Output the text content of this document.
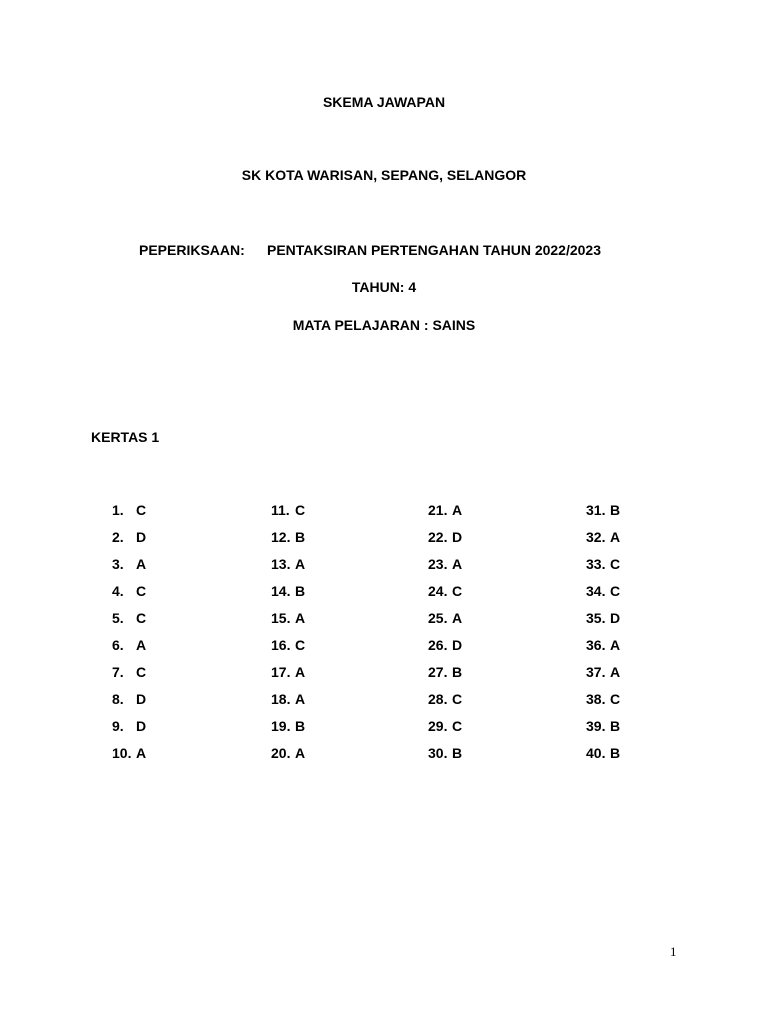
SKEMA JAWAPAN
SK KOTA WARISAN, SEPANG, SELANGOR
PEPERIKSAAN: PENTAKSIRAN PERTENGAHAN TAHUN 2022/2023
TAHUN: 4
MATA PELAJARAN : SAINS
KERTAS 1
1. C
2. D
3. A
4. C
5. C
6. A
7. C
8. D
9. D
10. A
11. C
12. B
13. A
14. B
15. A
16. C
17. A
18. A
19. B
20. A
21. A
22. D
23. A
24. C
25. A
26. D
27. B
28. C
29. C
30. B
31. B
32. A
33. C
34. C
35. D
36. A
37. A
38. C
39. B
40. B
1
